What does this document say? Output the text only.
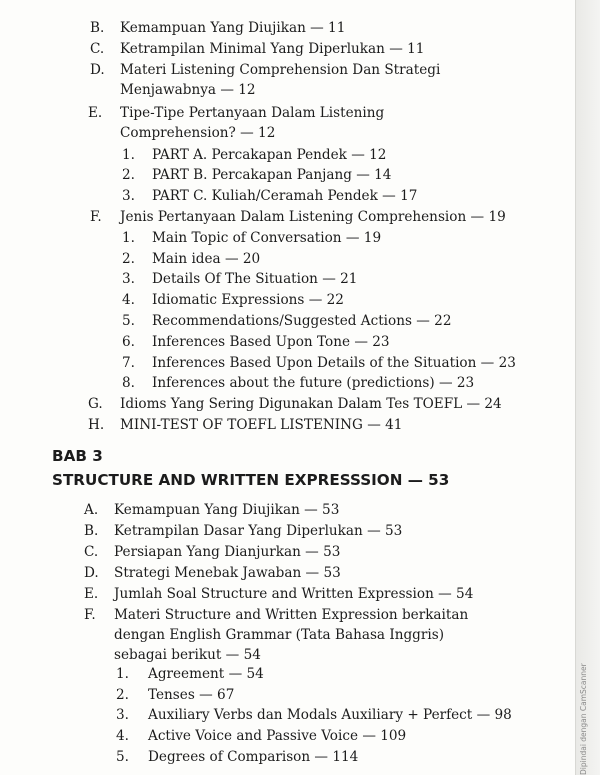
B. Kemampuan Yang Diujikan — 11
C. Ketrampilan Minimal Yang Diperlukan — 11
D. Materi Listening Comprehension Dan Strategi
Menjawabnya — 12
E. Tipe-Tipe Pertanyaan Dalam Listening
Comprehension? — 12
1. PART A. Percakapan Pendek — 12
2. PART B. Percakapan Panjang — 14
3. PART C. Kuliah/Ceramah Pendek — 17
F. Jenis Pertanyaan Dalam Listening Comprehension — 19
1. Main Topic of Conversation — 19
2. Main idea — 20
3. Details Of The Situation — 21
4. Idiomatic Expressions — 22
5. Recommendations/Suggested Actions — 22
6. Inferences Based Upon Tone — 23
7. Inferences Based Upon Details of the Situation — 23
8. Inferences about the future (predictions) — 23
G. Idioms Yang Sering Digunakan Dalam Tes TOEFL — 24
H. MINI-TEST OF TOEFL LISTENING — 41
BAB 3
STRUCTURE AND WRITTEN EXPRESSSION — 53
A. Kemampuan Yang Diujikan — 53
B. Ketrampilan Dasar Yang Diperlukan — 53
C. Persiapan Yang Dianjurkan — 53
D. Strategi Menebak Jawaban — 53
E. Jumlah Soal Structure and Written Expression — 54
F. Materi Structure and Written Expression berkaitan
dengan English Grammar (Tata Bahasa Inggris)
sebagai berikut — 54
1. Agreement — 54
2. Tenses — 67
3. Auxiliary Verbs dan Modals Auxiliary + Perfect — 98
4. Active Voice and Passive Voice — 109
5. Degrees of Comparison — 114	Dipindai dengan CamScanner
